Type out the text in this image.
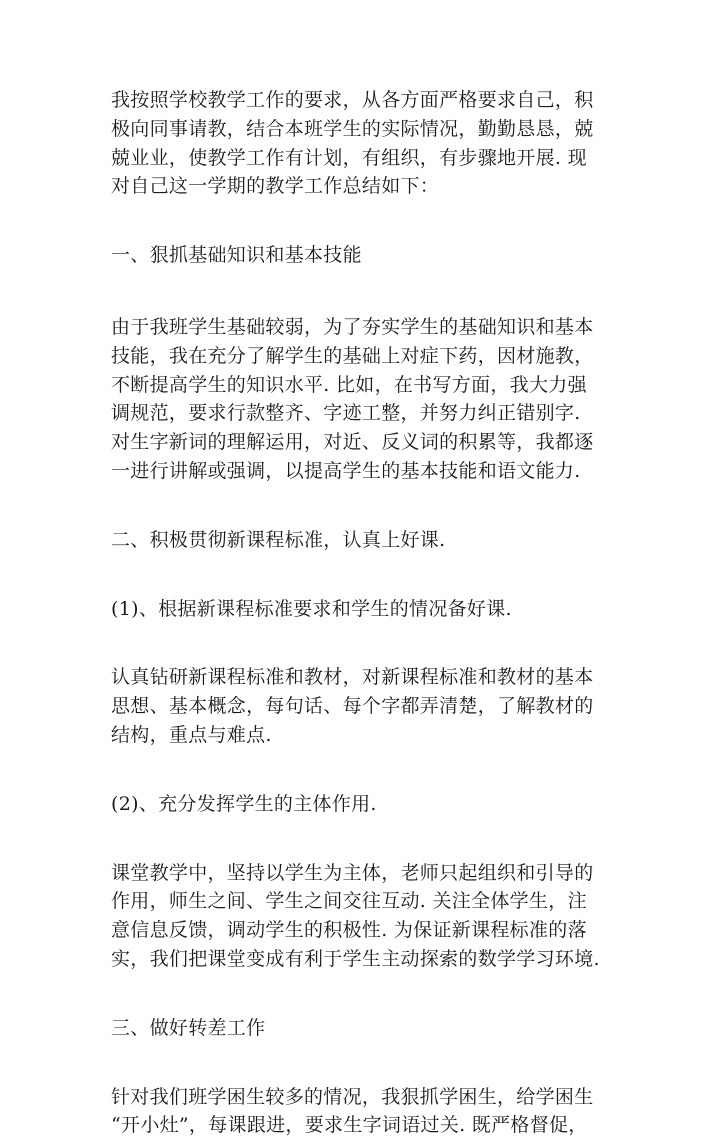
我按照学校教学工作的要求，从各方面严格要求自己，积
极向同事请教，结合本班学生的实际情况，勤勤恳恳，兢
兢业业，使教学工作有计划，有组织，有步骤地开展. 现
对自己这一学期的教学工作总结如下：

一、狠抓基础知识和基本技能

由于我班学生基础较弱，为了夯实学生的基础知识和基本
技能，我在充分了解学生的基础上对症下药，因材施教，
不断提高学生的知识水平. 比如，在书写方面，我大力强
调规范，要求行款整齐、字迹工整，并努力纠正错别字.
对生字新词的理解运用，对近、反义词的积累等，我都逐
一进行讲解或强调，以提高学生的基本技能和语文能力.

二、积极贯彻新课程标准，认真上好课.

(1)、根据新课程标准要求和学生的情况备好课.

认真钻研新课程标准和教材，对新课程标准和教材的基本
思想、基本概念，每句话、每个字都弄清楚，了解教材的
结构，重点与难点.

(2)、充分发挥学生的主体作用.

课堂教学中，坚持以学生为主体，老师只起组织和引导的
作用，师生之间、学生之间交往互动. 关注全体学生，注
意信息反馈，调动学生的积极性. 为保证新课程标准的落
实，我们把课堂变成有利于学生主动探索的数学学习环境.

三、做好转差工作

针对我们班学困生较多的情况，我狠抓学困生，给学困生
“开小灶”，每课跟进，要求生字词语过关. 既严格督促，
